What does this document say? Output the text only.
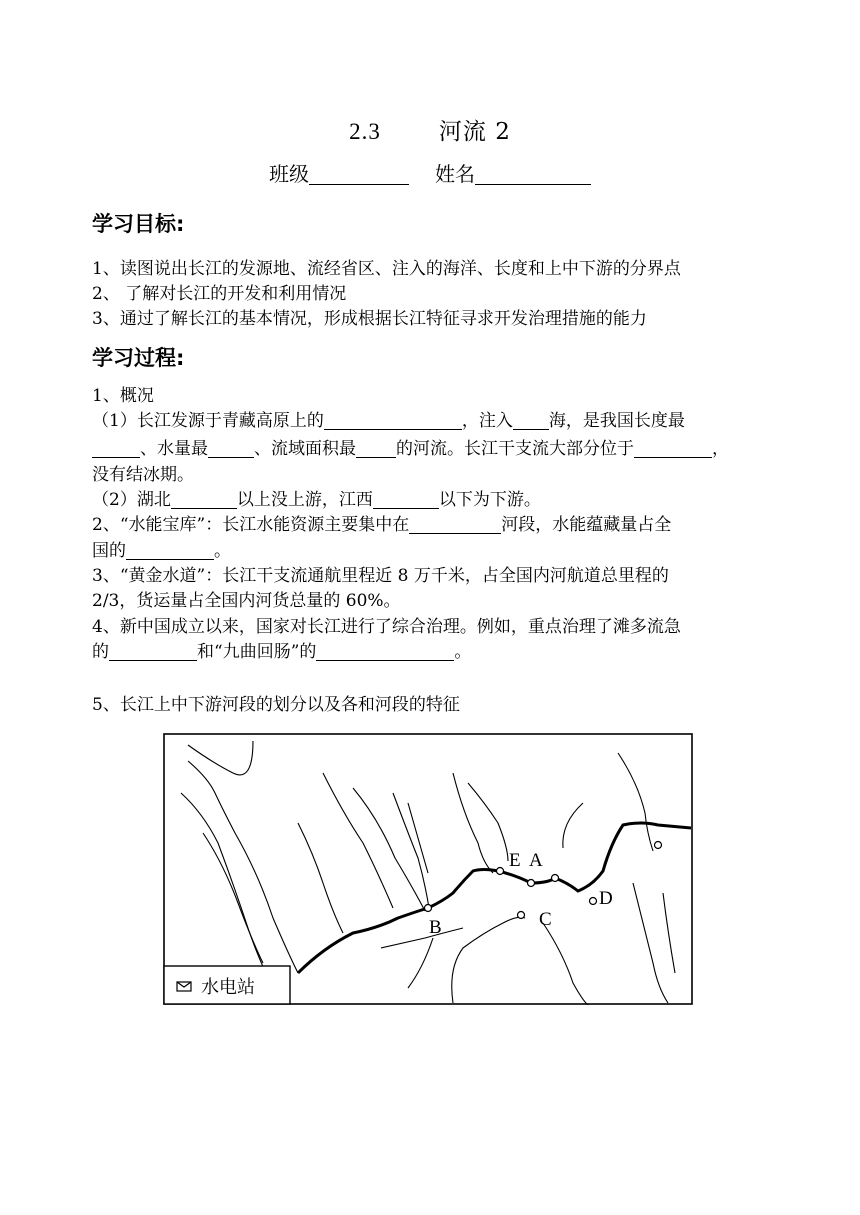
2.3	河流 2
班级	姓名
学习目标:
1、读图说出长江的发源地、流经省区、注入的海洋、长度和上中下游的分界点
2、 了解对长江的开发和利用情况
3、通过了解长江的基本情况，形成根据长江特征寻求开发治理措施的能力
学习过程:
1、概况
（1）长江发源于青藏高原上的	，注入 海，是我国长度最
、水量最	、流域面积最 的河流。长江干支流大部分位于	，
没有结冰期。
（2）湖北	以上没上游，江西	以下为下游。
2、“水能宝库”：长江水能资源主要集中在	河段，水能蕴藏量占全
国的	。
3、“黄金水道”：长江干支流通航里程近 8 万千米，占全国内河航道总里程的
2/3，货运量占全国内河货总量的 60%。
4、新中国成立以来，国家对长江进行了综合治理。例如，重点治理了滩多流急
的	和“九曲回肠”的	。
5、长江上中下游河段的划分以及各和河段的特征
A
B	C
D
E
水电站
